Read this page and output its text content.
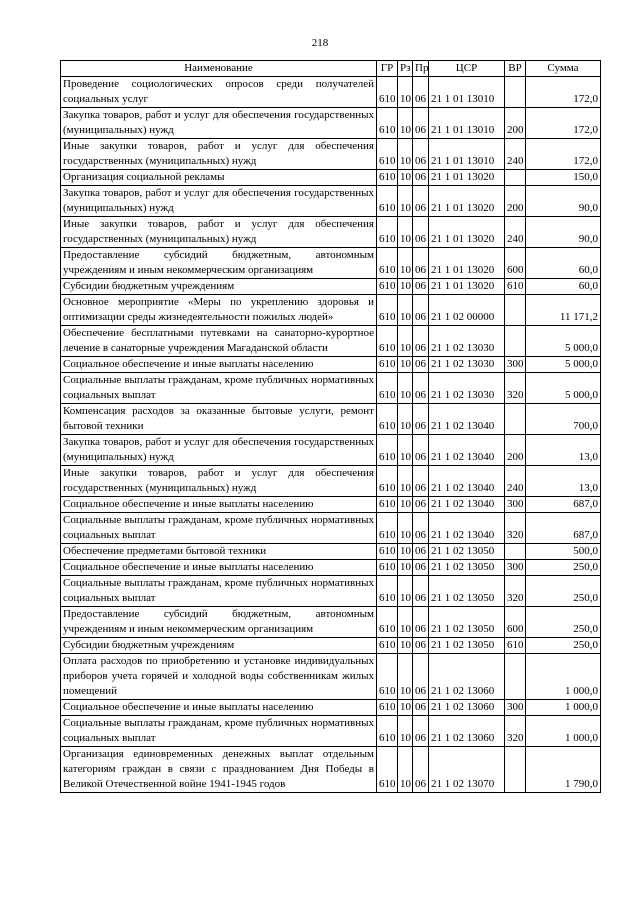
218
Наименование	ГР	Рз	Пр	ЦСР	ВР	Сумма
Проведение социологических опросов среди получателей социальных услуг	610	10	06	21 1 01 13010		172,0
Закупка товаров, работ и услуг для обеспечения государственных (муниципальных) нужд	610	10	06	21 1 01 13010	200	172,0
Иные закупки товаров, работ и услуг для обеспечения государственных (муниципальных) нужд	610	10	06	21 1 01 13010	240	172,0
Организация социальной рекламы	610	10	06	21 1 01 13020		150,0
Закупка товаров, работ и услуг для обеспечения государственных (муниципальных) нужд	610	10	06	21 1 01 13020	200	90,0
Иные закупки товаров, работ и услуг для обеспечения государственных (муниципальных) нужд	610	10	06	21 1 01 13020	240	90,0
Предоставление субсидий бюджетным, автономным учреждениям и иным некоммерческим организациям	610	10	06	21 1 01 13020	600	60,0
Субсидии бюджетным учреждениям	610	10	06	21 1 01 13020	610	60,0
Основное мероприятие «Меры по укреплению здоровья и оптимизации среды жизнедеятельности пожилых людей»	610	10	06	21 1 02 00000		11 171,2
Обеспечение бесплатными путевками на санаторно-курортное лечение в санаторные учреждения Магаданской области	610	10	06	21 1 02 13030		5 000,0
Социальное обеспечение и иные выплаты населению	610	10	06	21 1 02 13030	300	5 000,0
Социальные выплаты гражданам, кроме публичных нормативных социальных выплат	610	10	06	21 1 02 13030	320	5 000,0
Компенсация расходов за оказанные бытовые услуги, ремонт бытовой техники	610	10	06	21 1 02 13040		700,0
Закупка товаров, работ и услуг для обеспечения государственных (муниципальных) нужд	610	10	06	21 1 02 13040	200	13,0
Иные закупки товаров, работ и услуг для обеспечения государственных (муниципальных) нужд	610	10	06	21 1 02 13040	240	13,0
Социальное обеспечение и иные выплаты населению	610	10	06	21 1 02 13040	300	687,0
Социальные выплаты гражданам, кроме публичных нормативных социальных выплат	610	10	06	21 1 02 13040	320	687,0
Обеспечение предметами бытовой техники	610	10	06	21 1 02 13050		500,0
Социальное обеспечение и иные выплаты населению	610	10	06	21 1 02 13050	300	250,0
Социальные выплаты гражданам, кроме публичных нормативных социальных выплат	610	10	06	21 1 02 13050	320	250,0
Предоставление субсидий бюджетным, автономным учреждениям и иным некоммерческим организациям	610	10	06	21 1 02 13050	600	250,0
Субсидии бюджетным учреждениям	610	10	06	21 1 02 13050	610	250,0
Оплата расходов по приобретению и установке индивидуальных приборов учета горячей и холодной воды собственникам жилых помещений	610	10	06	21 1 02 13060		1 000,0
Социальное обеспечение и иные выплаты населению	610	10	06	21 1 02 13060	300	1 000,0
Социальные выплаты гражданам, кроме публичных нормативных социальных выплат	610	10	06	21 1 02 13060	320	1 000,0
Организация единовременных денежных выплат отдельным категориям граждан в связи с празднованием Дня Победы в Великой Отечественной войне 1941-1945 годов	610	10	06	21 1 02 13070		1 790,0
